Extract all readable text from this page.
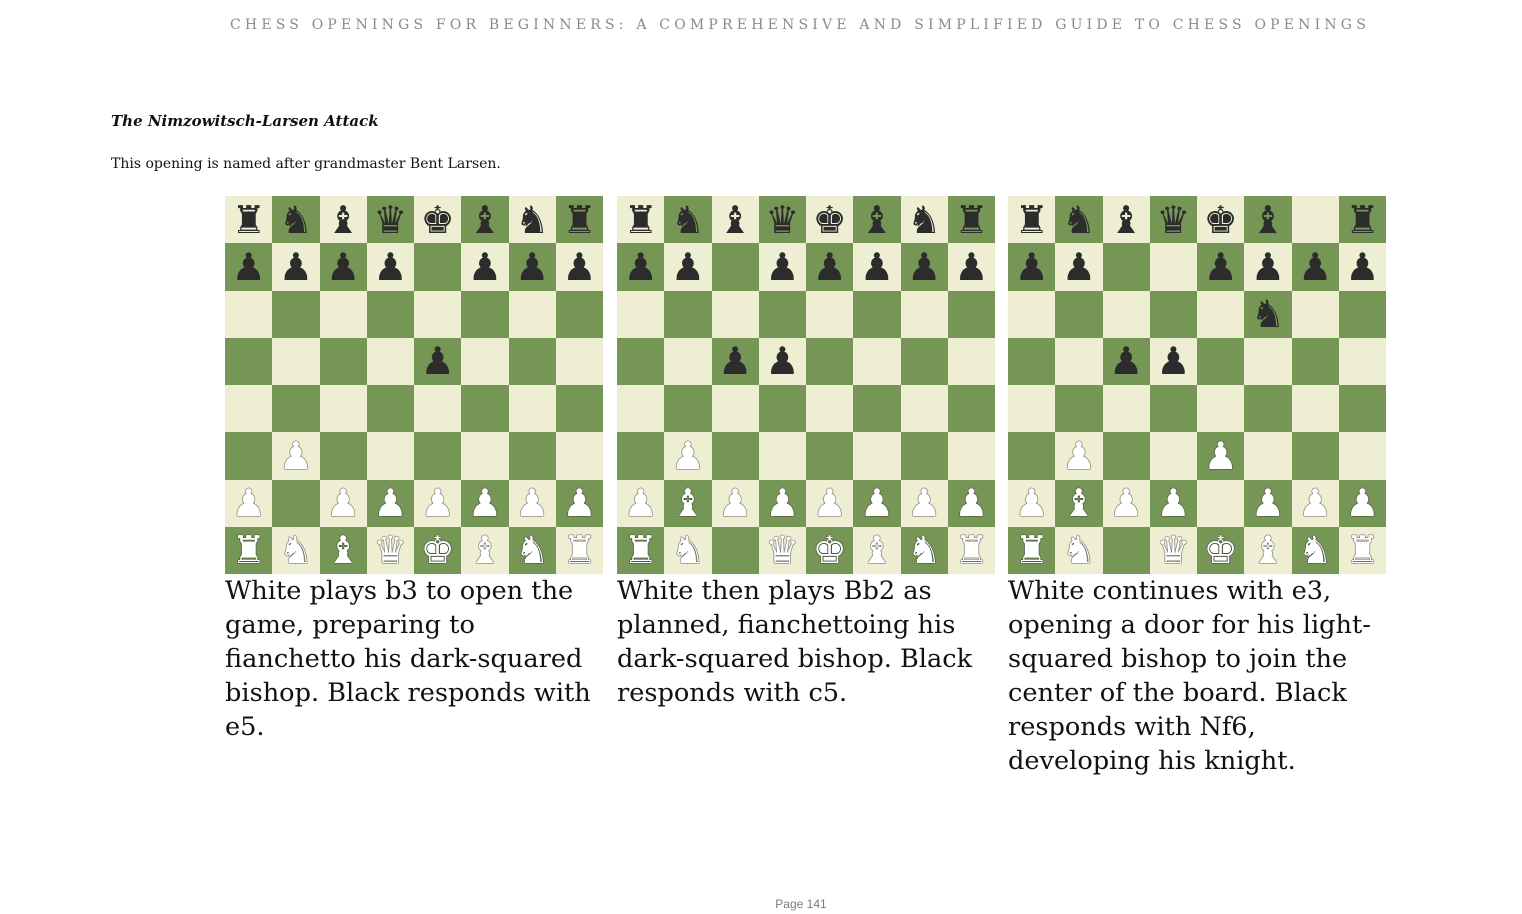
CHESS OPENINGS FOR BEGINNERS: A COMPREHENSIVE AND SIMPLIFIED GUIDE TO CHESS OPENINGS
The Nimzowitsch-Larsen Attack
This opening is named after grandmaster Bent Larsen.
♜ ♞ ♝ ♛ ♚ ♝ ♞ ♜
♟ ♟ ♟ ♟ ♟ ♟ ♟
♟
♟
♟ ♟ ♟ ♟ ♟ ♟ ♟
♜ ♞ ♝ ♛ ♚ ♝ ♞ ♜
White plays b3 to open the game, preparing to fianchetto his dark-squared bishop. Black responds with e5.
♜ ♞ ♝ ♛ ♚ ♝ ♞ ♜
♟ ♟ ♟ ♟ ♟ ♟ ♟
♟ ♟
♟
♟ ♝ ♟ ♟ ♟ ♟ ♟ ♟
♜ ♞ ♛ ♚ ♝ ♞ ♜
White then plays Bb2 as planned, fianchettoing his dark-squared bishop. Black responds with c5.
♜ ♞ ♝ ♛ ♚ ♝ ♜
♟ ♟	♟ ♟ ♟ ♟
♞
♟ ♟
♟	♟
♟ ♝ ♟ ♟ ♟ ♟ ♟
♜ ♞ ♛ ♚ ♝ ♞ ♜
White continues with e3, opening a door for his light-squared bishop to join the center of the board. Black responds with Nf6, developing his knight.
Page 141
